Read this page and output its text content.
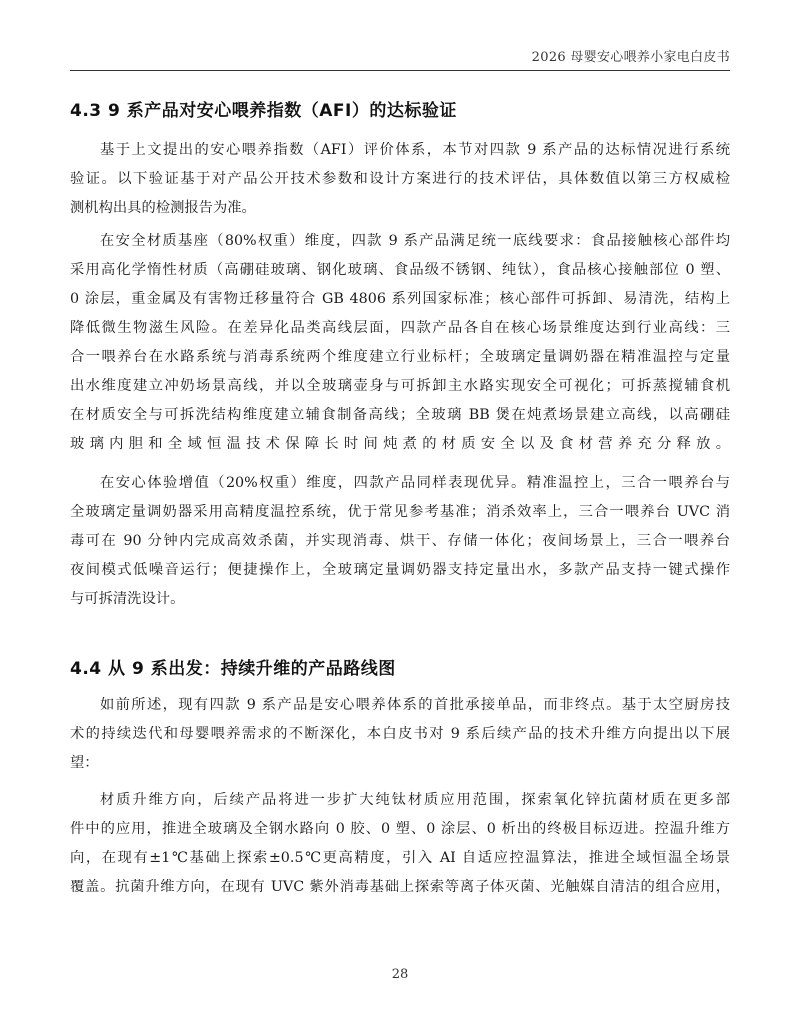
2026 母婴安心喂养小家电白皮书
4.3 9 系产品对安心喂养指数（AFI）的达标验证
基于上文提出的安心喂养指数（AFI）评价体系，本节对四款 9 系产品的达标情况进行系统
验证。以下验证基于对产品公开技术参数和设计方案进行的技术评估，具体数值以第三方权威检
测机构出具的检测报告为准。
在安全材质基座（80%权重）维度，四款 9 系产品满足统一底线要求：食品接触核心部件均
采用高化学惰性材质（高硼硅玻璃、钢化玻璃、食品级不锈钢、纯钛），食品核心接触部位 0 塑、
0 涂层，重金属及有害物迁移量符合 GB 4806 系列国家标准；核心部件可拆卸、易清洗，结构上
降低微生物滋生风险。在差异化品类高线层面，四款产品各自在核心场景维度达到行业高线：三
合一喂养台在水路系统与消毒系统两个维度建立行业标杆；全玻璃定量调奶器在精准温控与定量
出水维度建立冲奶场景高线，并以全玻璃壶身与可拆卸主水路实现安全可视化；可拆蒸搅辅食机
在材质安全与可拆洗结构维度建立辅食制备高线；全玻璃 BB 煲在炖煮场景建立高线，以高硼硅
玻璃内胆和全域恒温技术保障长时间炖煮的材质安全以及食材营养充分释放。
在安心体验增值（20%权重）维度，四款产品同样表现优异。精准温控上，三合一喂养台与
全玻璃定量调奶器采用高精度温控系统，优于常见参考基准；消杀效率上，三合一喂养台 UVC 消
毒可在 90 分钟内完成高效杀菌，并实现消毒、烘干、存储一体化；夜间场景上，三合一喂养台
夜间模式低噪音运行；便捷操作上，全玻璃定量调奶器支持定量出水，多款产品支持一键式操作
与可拆清洗设计。
4.4 从 9 系出发：持续升维的产品路线图
如前所述，现有四款 9 系产品是安心喂养体系的首批承接单品，而非终点。基于太空厨房技
术的持续迭代和母婴喂养需求的不断深化，本白皮书对 9 系后续产品的技术升维方向提出以下展
望：
材质升维方向，后续产品将进一步扩大纯钛材质应用范围，探索氧化锌抗菌材质在更多部
件中的应用，推进全玻璃及全钢水路向 0 胶、0 塑、0 涂层、0 析出的终极目标迈进。控温升维方
向，在现有±1℃基础上探索±0.5℃更高精度，引入 AI 自适应控温算法，推进全域恒温全场景
覆盖。抗菌升维方向，在现有 UVC 紫外消毒基础上探索等离子体灭菌、光触媒自清洁的组合应用，
28
